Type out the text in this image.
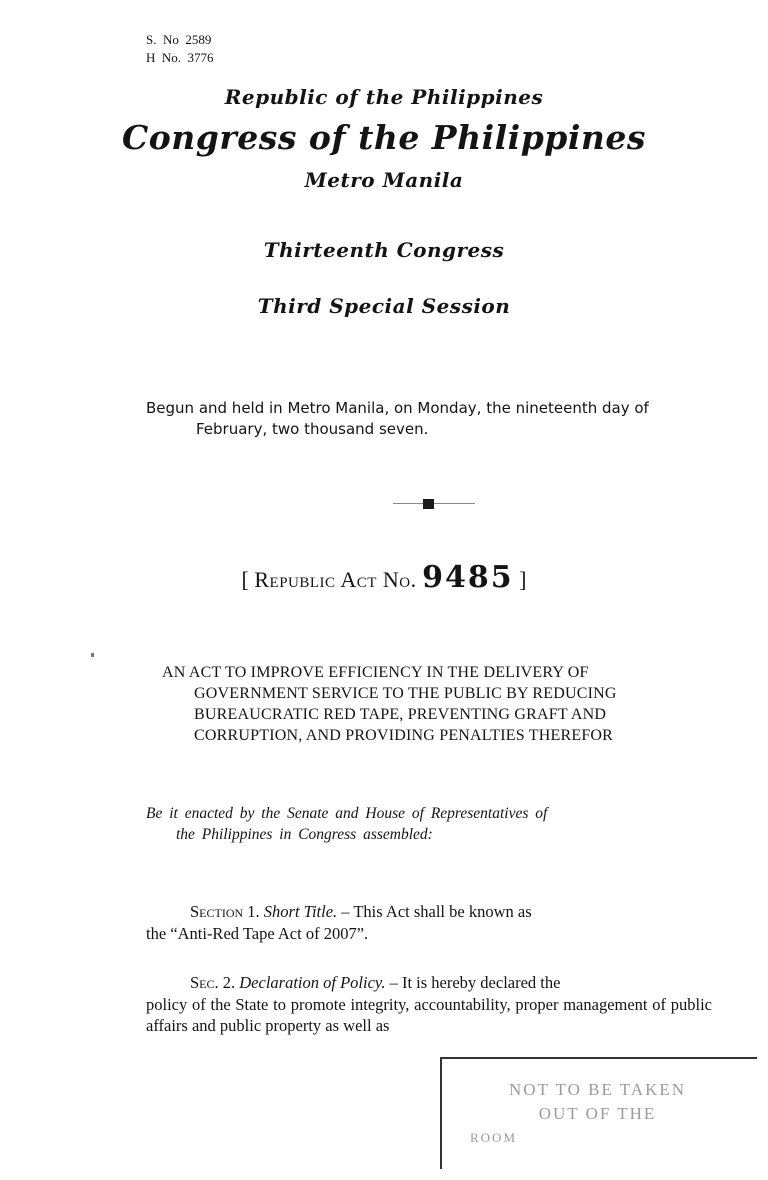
S.  No  2589
H  No.  3776
Republic of the Philippines
Congress of the Philippines
Metro Manila
Thirteenth Congress
Third Special Session
Begun and held in Metro Manila, on Monday, the nineteenth day of
February, two thousand seven.
[ Republic Act No. 9485 ]
AN ACT TO IMPROVE EFFICIENCY IN THE DELIVERY OF
GOVERNMENT SERVICE TO THE PUBLIC BY REDUCING
BUREAUCRATIC RED TAPE, PREVENTING GRAFT AND
CORRUPTION, AND PROVIDING PENALTIES THEREFOR
Be it enacted by the Senate and House of Representatives of
the Philippines in Congress assembled:
Section 1. Short Title. – This Act shall be known as
the “Anti-Red Tape Act of 2007”.
Sec. 2. Declaration of Policy. – It is hereby declared the
policy of the State to promote integrity, accountability, proper management of public affairs and public property as well as
NOT TO BE TAKEN
OUT OF THE
ROOM
